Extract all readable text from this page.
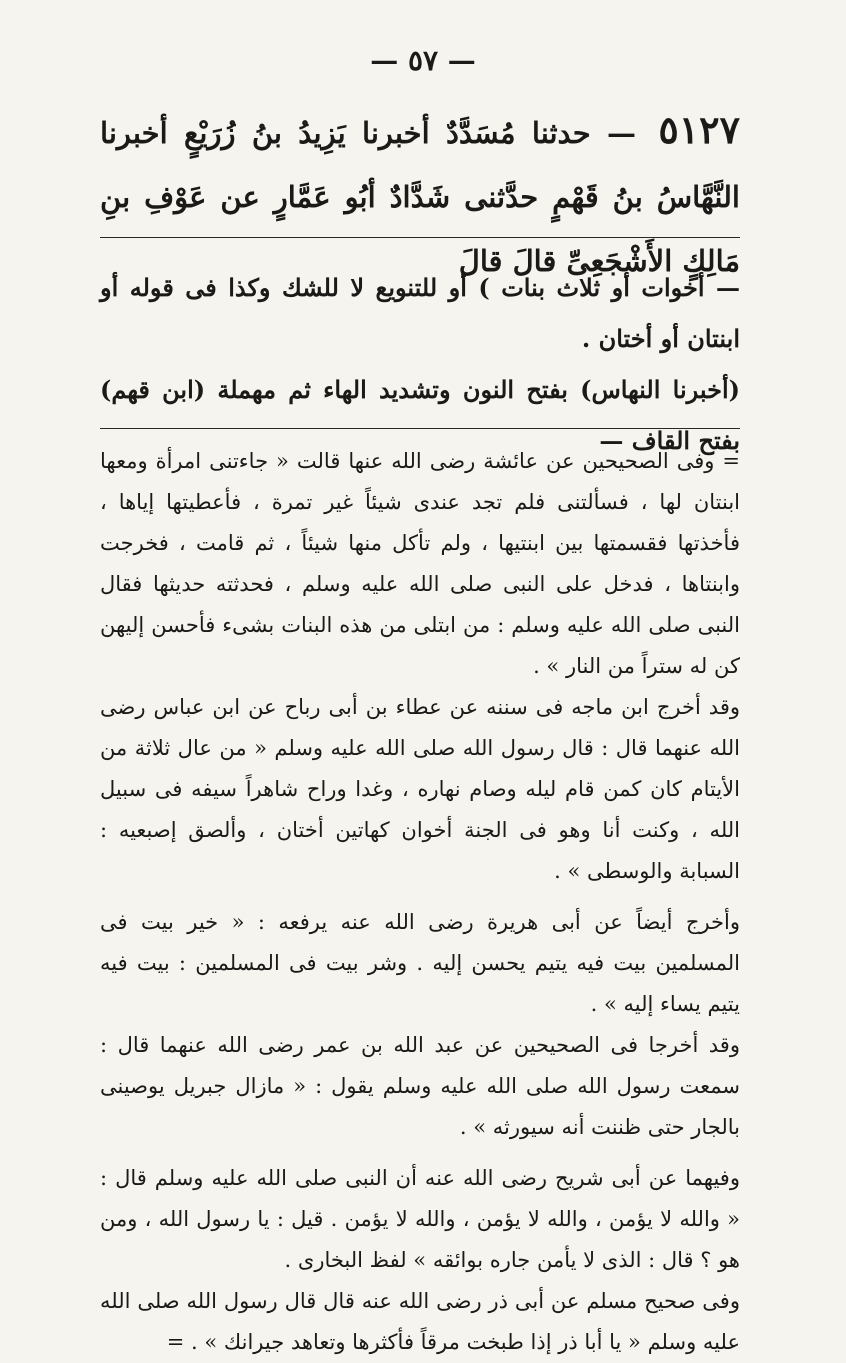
— ٥٧ —
٥١٢٧ — حدثنا مُسَدَّدٌ أخبرنا يَزِيدُ بنُ زُرَيْعٍ أخبرنا النَّهَّاسُ بنُ قَهْمٍ حدَّثنى شَدَّادٌ أبُو عَمَّارٍ عن عَوْفِ بنِ مَالِكٍ الأَشْجَعِىِّ قالَ قالَ

— أخوات أو ثلاث بنات ) أو للتنويع لا للشك وكذا فى قوله أو ابنتان أو أختان .

(أخبرنا النهاس) بفتح النون وتشديد الهاء ثم مهملة (ابن قهم) بفتح القاف —

= وفى الصحيحين عن عائشة رضى الله عنها قالت « جاءتنى امرأة ومعها ابنتان لها ، فسألتنى فلم تجد عندى شيئاً غير تمرة ، فأعطيتها إياها ، فأخذتها فقسمتها بين ابنتيها ، ولم تأكل منها شيئاً ، ثم قامت ، فخرجت وابنتاها ، فدخل على النبى صلى الله عليه وسلم ، فحدثته حديثها فقال النبى صلى الله عليه وسلم : من ابتلى من هذه البنات بشىء فأحسن إليهن كن له ستراً من النار » .

وقد أخرج ابن ماجه فى سننه عن عطاء بن أبى رباح عن ابن عباس رضى الله عنهما قال : قال رسول الله صلى الله عليه وسلم « من عال ثلاثة من الأيتام كان كمن قام ليله وصام نهاره ، وغدا وراح شاهراً سيفه فى سبيل الله ، وكنت أنا وهو فى الجنة أخوان كهاتين أختان ، وألصق إصبعيه : السبابة والوسطى » .

وأخرج أيضاً عن أبى هريرة رضى الله عنه يرفعه : « خير بيت فى المسلمين بيت فيه يتيم يحسن إليه . وشر بيت فى المسلمين : بيت فيه يتيم يساء إليه » .

وقد أخرجا فى الصحيحين عن عبد الله بن عمر رضى الله عنهما قال : سمعت رسول الله صلى الله عليه وسلم يقول : « مازال جبريل يوصينى بالجار حتى ظننت أنه سيورثه » .

وفيهما عن أبى شريح رضى الله عنه أن النبى صلى الله عليه وسلم قال : « والله لا يؤمن ، والله لا يؤمن ، والله لا يؤمن . قيل : يا رسول الله ، ومن هو ؟ قال : الذى لا يأمن جاره بوائقه » لفظ البخارى .

وفى صحيح مسلم عن أبى ذر رضى الله عنه قال قال رسول الله صلى الله عليه وسلم « يا أبا ذر إذا طبخت مرقاً فأكثرها وتعاهد جيرانك » . =
